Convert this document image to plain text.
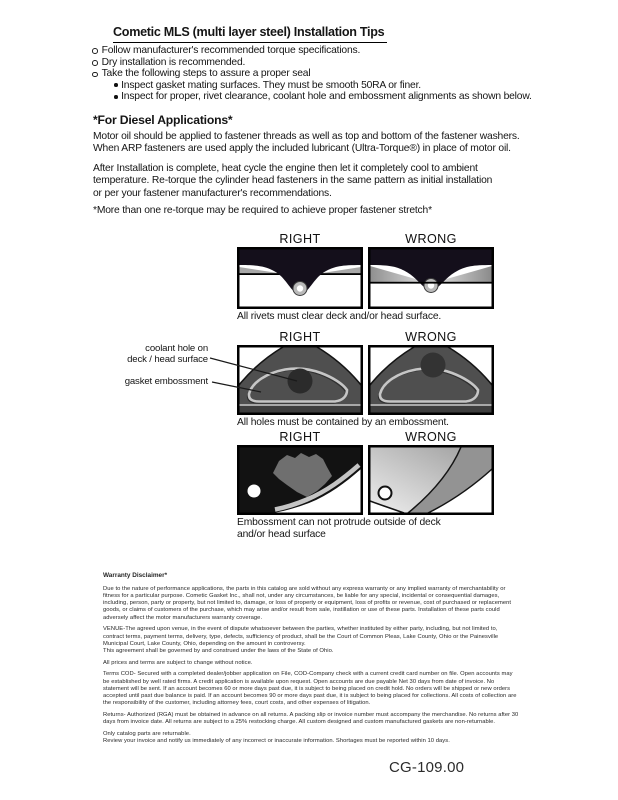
Cometic MLS (multi layer steel) Installation Tips
Follow manufacturer's recommended torque specifications.
Dry installation is recommended.
Take the following steps to assure a proper seal
Inspect gasket mating surfaces. They must be smooth 50RA or finer.
Inspect for proper, rivet clearance, coolant hole and embossment alignments as shown below.
*For Diesel Applications*
Motor oil should be applied to fastener threads as well as top and bottom of the fastener washers.
When ARP fasteners are used apply the included lubricant (Ultra-Torque®) in place of motor oil.
After Installation is complete, heat cycle the engine then let it completely cool to ambient
temperature. Re-torque the cylinder head fasteners in the same pattern as initial installation
or per your fastener manufacturer's recommendations.
*More than one re-torque may be required to achieve proper fastener stretch*
RIGHT	WRONG
All rivets must clear deck and/or head surface.
RIGHT	WRONG
All holes must be contained by an embossment.
coolant hole on
deck / head surface
gasket embossment
RIGHT	WRONG
Embossment can not protrude outside of deck
and/or head surface
Warranty Disclaimer*
Due to the nature of performance applications, the parts in this catalog are sold without any express warranty or any implied warranty of merchantability or fitness for a particular purpose. Cometic Gasket Inc., shall not, under any circumstances, be liable for any special, incidental or consequential damages, including, person, party or property, but not limited to, damage, or loss of property or equipment, loss of profits or revenue, cost of purchased or replacement goods, or claims of customers of the purchase, which may arise and/or result from sale, instillation or use of these parts. Installation of these parts could adversely affect the motor manufacturers warranty coverage.
VENUE-The agreed upon venue, in the event of dispute whatsoever between the parties, whether instituted by either party, including, but not limited to, contract terms, payment terms, delivery, type, defects, sufficiency of product, shall be the Court of Common Pleas, Lake County, Ohio or the Painesville Municipal Court, Lake County, Ohio, depending on the amount in controversy.
This agreement shall be governed by and construed under the laws of the State of Ohio.
All prices and terms are subject to change without notice.
Terms COD- Secured with a completed dealer/jobber application on File, COD-Company check with a current credit card number on file. Open accounts may be established by well rated firms. A credit application is available upon request. Open accounts are due payable Net 30 days from date of invoice. No statement will be sent. If an account becomes 60 or more days past due, it is subject to being placed on credit hold. No orders will be shipped or new orders accepted until past due balance is paid. If an account becomes 90 or more days past due, it is subject to being placed for collections. All costs of collection are the responsibility of the customer, including attorney fees, court costs, and other expenses of litigation.
Returns- Authorized (RGA) must be obtained in advance on all returns. A packing slip or invoice number must accompany the merchandise. No returns after 30 days from invoice date. All returns are subject to a 25% restocking charge. All custom designed and custom manufactured gaskets are non-returnable.
Only catalog parts are returnable.
Review your invoice and notify us immediately of any incorrect or inaccurate information. Shortages must be reported within 10 days.
CG-109.00
